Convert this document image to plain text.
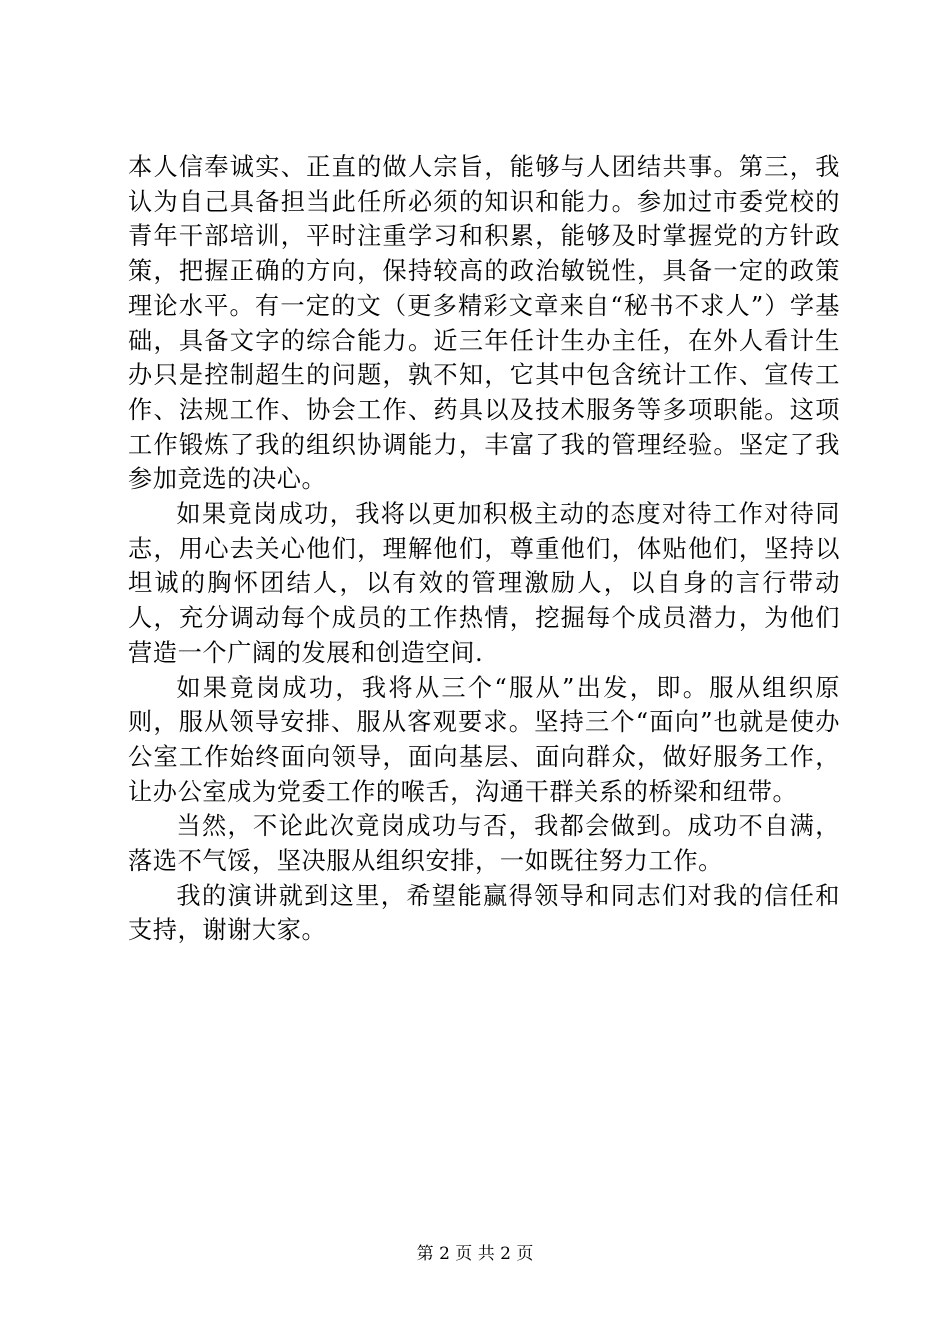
本人信奉诚实、正直的做人宗旨，能够与人团结共事。第三，我认为自己具备担当此任所必须的知识和能力。参加过市委党校的青年干部培训，平时注重学习和积累，能够及时掌握党的方针政策，把握正确的方向，保持较高的政治敏锐性，具备一定的政策理论水平。有一定的文（更多精彩文章来自“秘书不求人”）学基础，具备文字的综合能力。近三年任计生办主任，在外人看计生办只是控制超生的问题，孰不知，它其中包含统计工作、宣传工作、法规工作、协会工作、药具以及技术服务等多项职能。这项工作锻炼了我的组织协调能力，丰富了我的管理经验。坚定了我参加竞选的决心。

如果竟岗成功，我将以更加积极主动的态度对待工作对待同志，用心去关心他们，理解他们，尊重他们，体贴他们，坚持以坦诚的胸怀团结人，以有效的管理激励人，以自身的言行带动人，充分调动每个成员的工作热情，挖掘每个成员潜力，为他们营造一个广阔的发展和创造空间.

如果竟岗成功，我将从三个“服从”出发，即。服从组织原则，服从领导安排、服从客观要求。坚持三个“面向”也就是使办公室工作始终面向领导，面向基层、面向群众，做好服务工作，让办公室成为党委工作的喉舌，沟通干群关系的桥梁和纽带。

当然，不论此次竟岗成功与否，我都会做到。成功不自满，落选不气馁，坚决服从组织安排，一如既往努力工作。

我的演讲就到这里，希望能赢得领导和同志们对我的信任和支持，谢谢大家。

第 2 页 共 2 页
